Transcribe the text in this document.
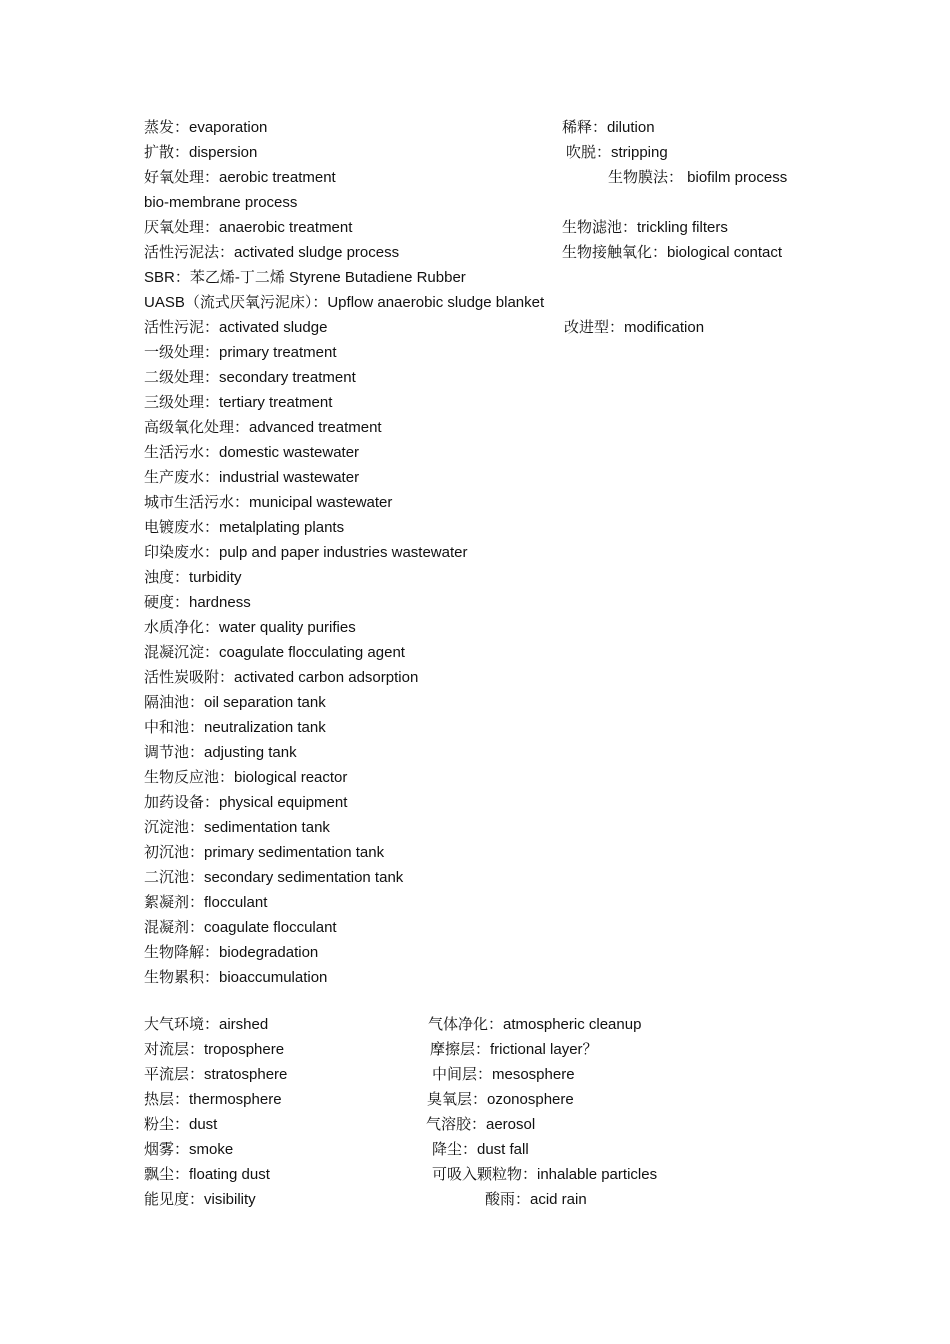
蒸发：evaporation
扩散：dispersion
好氧处理：aerobic treatment
bio-membrane process
厌氧处理：anaerobic treatment
活性污泥法：activated sludge process
SBR：苯乙烯-丁二烯 Styrene Butadiene Rubber
UASB（流式厌氧污泥床）：Upflow anaerobic sludge blanket
活性污泥：activated sludge
一级处理：primary treatment
二级处理：secondary treatment
三级处理：tertiary treatment
高级氧化处理：advanced treatment
生活污水：domestic wastewater
生产废水：industrial wastewater
城市生活污水：municipal wastewater
电镀废水：metalplating plants
印染废水：pulp and paper industries wastewater
浊度：turbidity
硬度：hardness
水质净化：water quality purifies
混凝沉淀：coagulate flocculating agent
活性炭吸附：activated carbon adsorption
隔油池：oil separation tank
中和池：neutralization tank
调节池：adjusting tank
生物反应池：biological reactor
加药设备：physical equipment
沉淀池：sedimentation tank
初沉池：primary sedimentation tank
二沉池：secondary sedimentation tank
絮凝剂：flocculant
混凝剂：coagulate flocculant
生物降解：biodegradation
生物累积：bioaccumulation
稀释：dilution
吹脱：stripping
生物膜法： biofilm process
生物滤池：trickling filters
生物接触氧化：biological contact
改进型：modification
大气环境：airshed
对流层：troposphere
平流层：stratosphere
热层：thermosphere
粉尘：dust
烟雾：smoke
飘尘：floating dust
能见度：visibility
气体净化：atmospheric cleanup
摩擦层：frictional layer？
中间层：mesosphere
臭氧层：ozonosphere
气溶胶：aerosol
降尘：dust fall
可吸入颗粒物：inhalable particles
酸雨：acid rain
